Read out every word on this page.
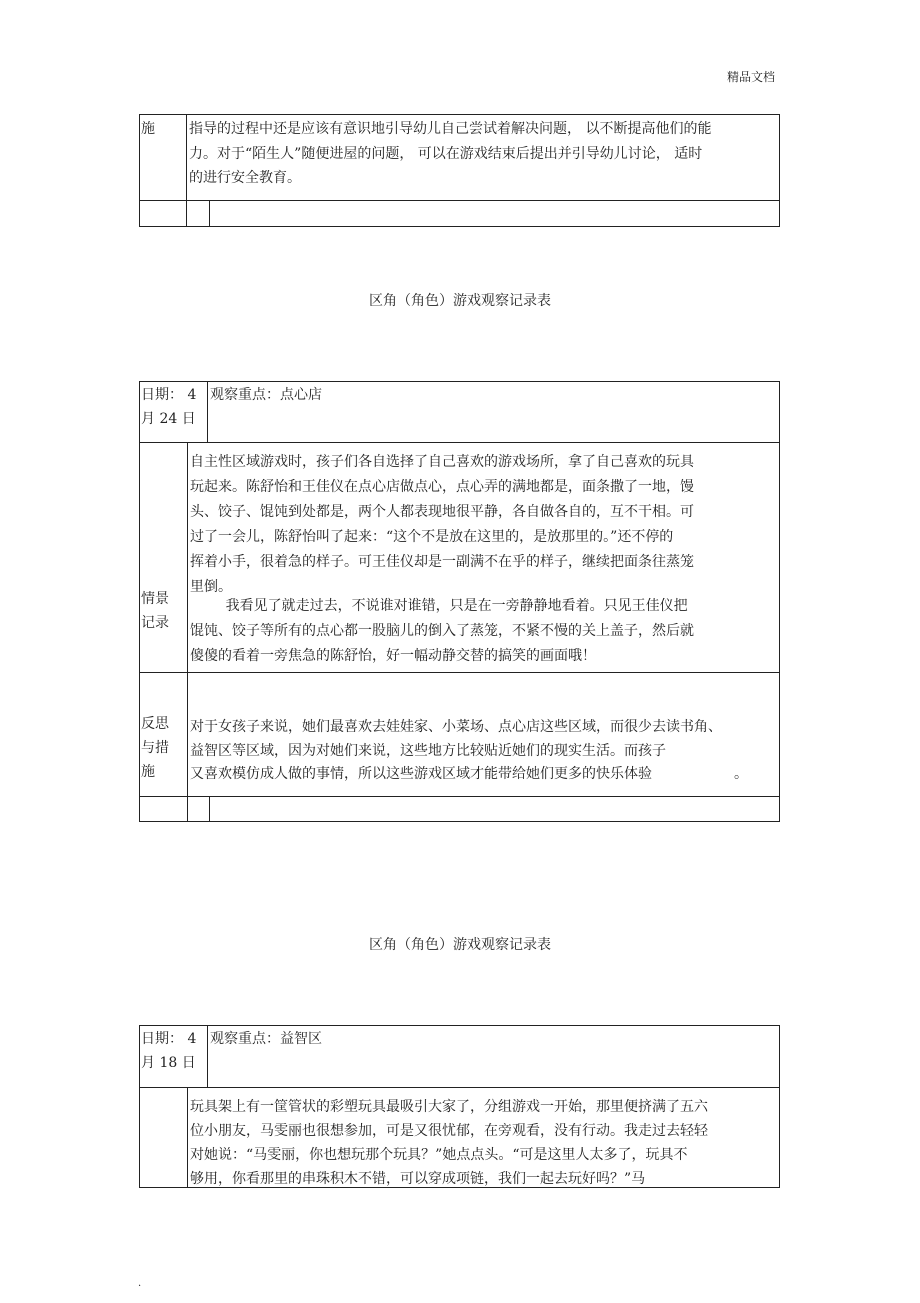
精品文档
施 指导的过程中还是应该有意识地引导幼儿自己尝试着解决问题， 以不断提高他们的能
力。对于“陌生人”随便进屋的问题， 可以在游戏结束后提出并引导幼儿讨论， 适时
的进行安全教育。
区角（角色）游戏观察记录表
日期： 4
月 24 日
观察重点：点心店
自主性区域游戏时，孩子们各自选择了自己喜欢的游戏场所，拿了自己喜欢的玩具
玩起来。陈舒怡和王佳仪在点心店做点心，点心弄的满地都是，面条撒了一地，馒
头、饺子、馄饨到处都是，两个人都表现地很平静，各自做各自的，互不干相。可
过了一会儿，陈舒怡叫了起来：“这个不是放在这里的，是放那里的。”还不停的
挥着小手，很着急的样子。可王佳仪却是一副满不在乎的样子，继续把面条往蒸笼
里倒。
我看见了就走过去，不说谁对谁错，只是在一旁静静地看着。只见王佳仪把
馄饨、饺子等所有的点心都一股脑儿的倒入了蒸笼，不紧不慢的关上盖子，然后就
傻傻的看着一旁焦急的陈舒怡，好一幅动静交替的搞笑的画面哦！
情景
记录
反思
与措
施
对于女孩子来说，她们最喜欢去娃娃家、小菜场、点心店这些区域，而很少去读书角、
益智区等区域，因为对她们来说，这些地方比较贴近她们的现实生活。而孩子
又喜欢模仿成人做的事情，所以这些游戏区域才能带给她们更多的快乐体验	。
区角（角色）游戏观察记录表
日期： 4
月 18 日
观察重点：益智区
玩具架上有一筐管状的彩塑玩具最吸引大家了，分组游戏一开始，那里便挤满了五六
位小朋友，马雯丽也很想参加，可是又很忧郁，在旁观看，没有行动。我走过去轻轻
对她说：“马雯丽，你也想玩那个玩具？”她点点头。“可是这里人太多了，玩具不
够用，你看那里的串珠积木不错，可以穿成项链，我们一起去玩好吗？”马
.
